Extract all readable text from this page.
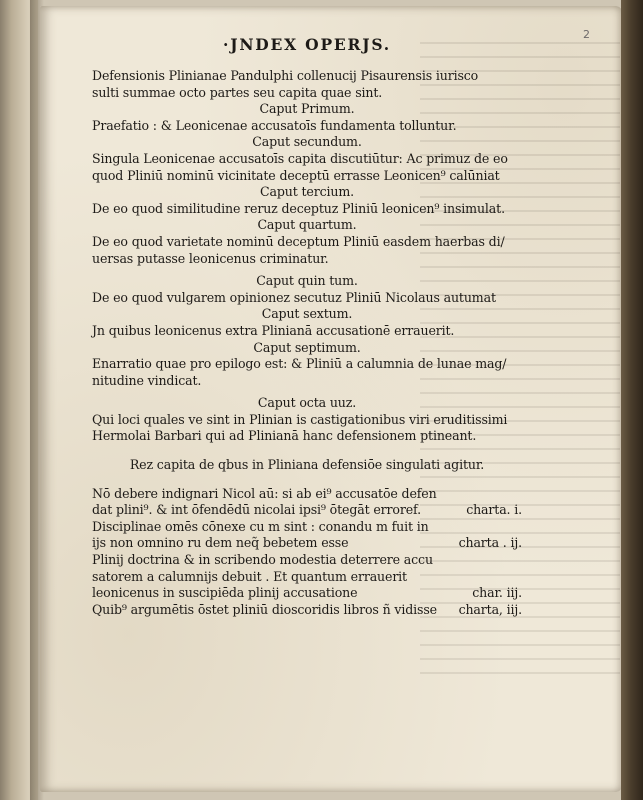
2
·JNDEX OPERJS.
Defensionis Plinianae Pandulphi collenucij Pisaurensis iurisco
sulti summae octo partes seu capita quae sint.
Caput Primum.
Praefatio : & Leonicenae accusatoīs fundamenta tolluntur.
Caput secundum.
Singula Leonicenae accusatoīs capita discutiūtur: Ac primuz de eo
quod Pliniū nominū vicinitate deceptū errasse Leonicen⁹ calūniat
Caput tercium.
De eo quod similitudine reruz deceptuz Pliniū leonicen⁹ insimulat.
Caput quartum.
De eo quod varietate nominū deceptum Pliniū easdem haerbas di/
uersas putasse leonicenus criminatur.
Caput quin tum.
De eo quod vulgarem opinionez secutuz Pliniū Nicolaus autumat
Caput sextum.
Jn quibus leonicenus extra Plinianā accusationē errauerit.
Caput septimum.
Enarratio quae pro epilogo est: & Pliniū a calumnia de lunae mag/
nitudine vindicat.
Caput octa uuz.
Qui loci quales ve sint in Plinian is castigationibus viri eruditissimi
Hermolai Barbari qui ad Plinianā hanc defensionem ptineant.
Rez capita de qbus in Pliniana defensiōe singulati agitur.
Nō debere indignari Nicol aū: si ab ei⁹ accusatōe defen dat plini⁹. & int ōfendēdū nicolai ipsi⁹ ōtegāt erroref.	charta. i.
Disciplinae omēs cōnexe cu m sint : conandu m fuit in ijs non omnino ru dem neq̃ bebetem esse	charta . ij.
Plinij doctrina & in scribendo modestia deterrere accu satorem a calumnijs debuit . Et quantum errauerit leonicenus in suscipiēda plinij accusatione	char. iij.
Quib⁹ argumētis ōstet pliniū dioscoridis libros ñ vidisse	charta, iij.
